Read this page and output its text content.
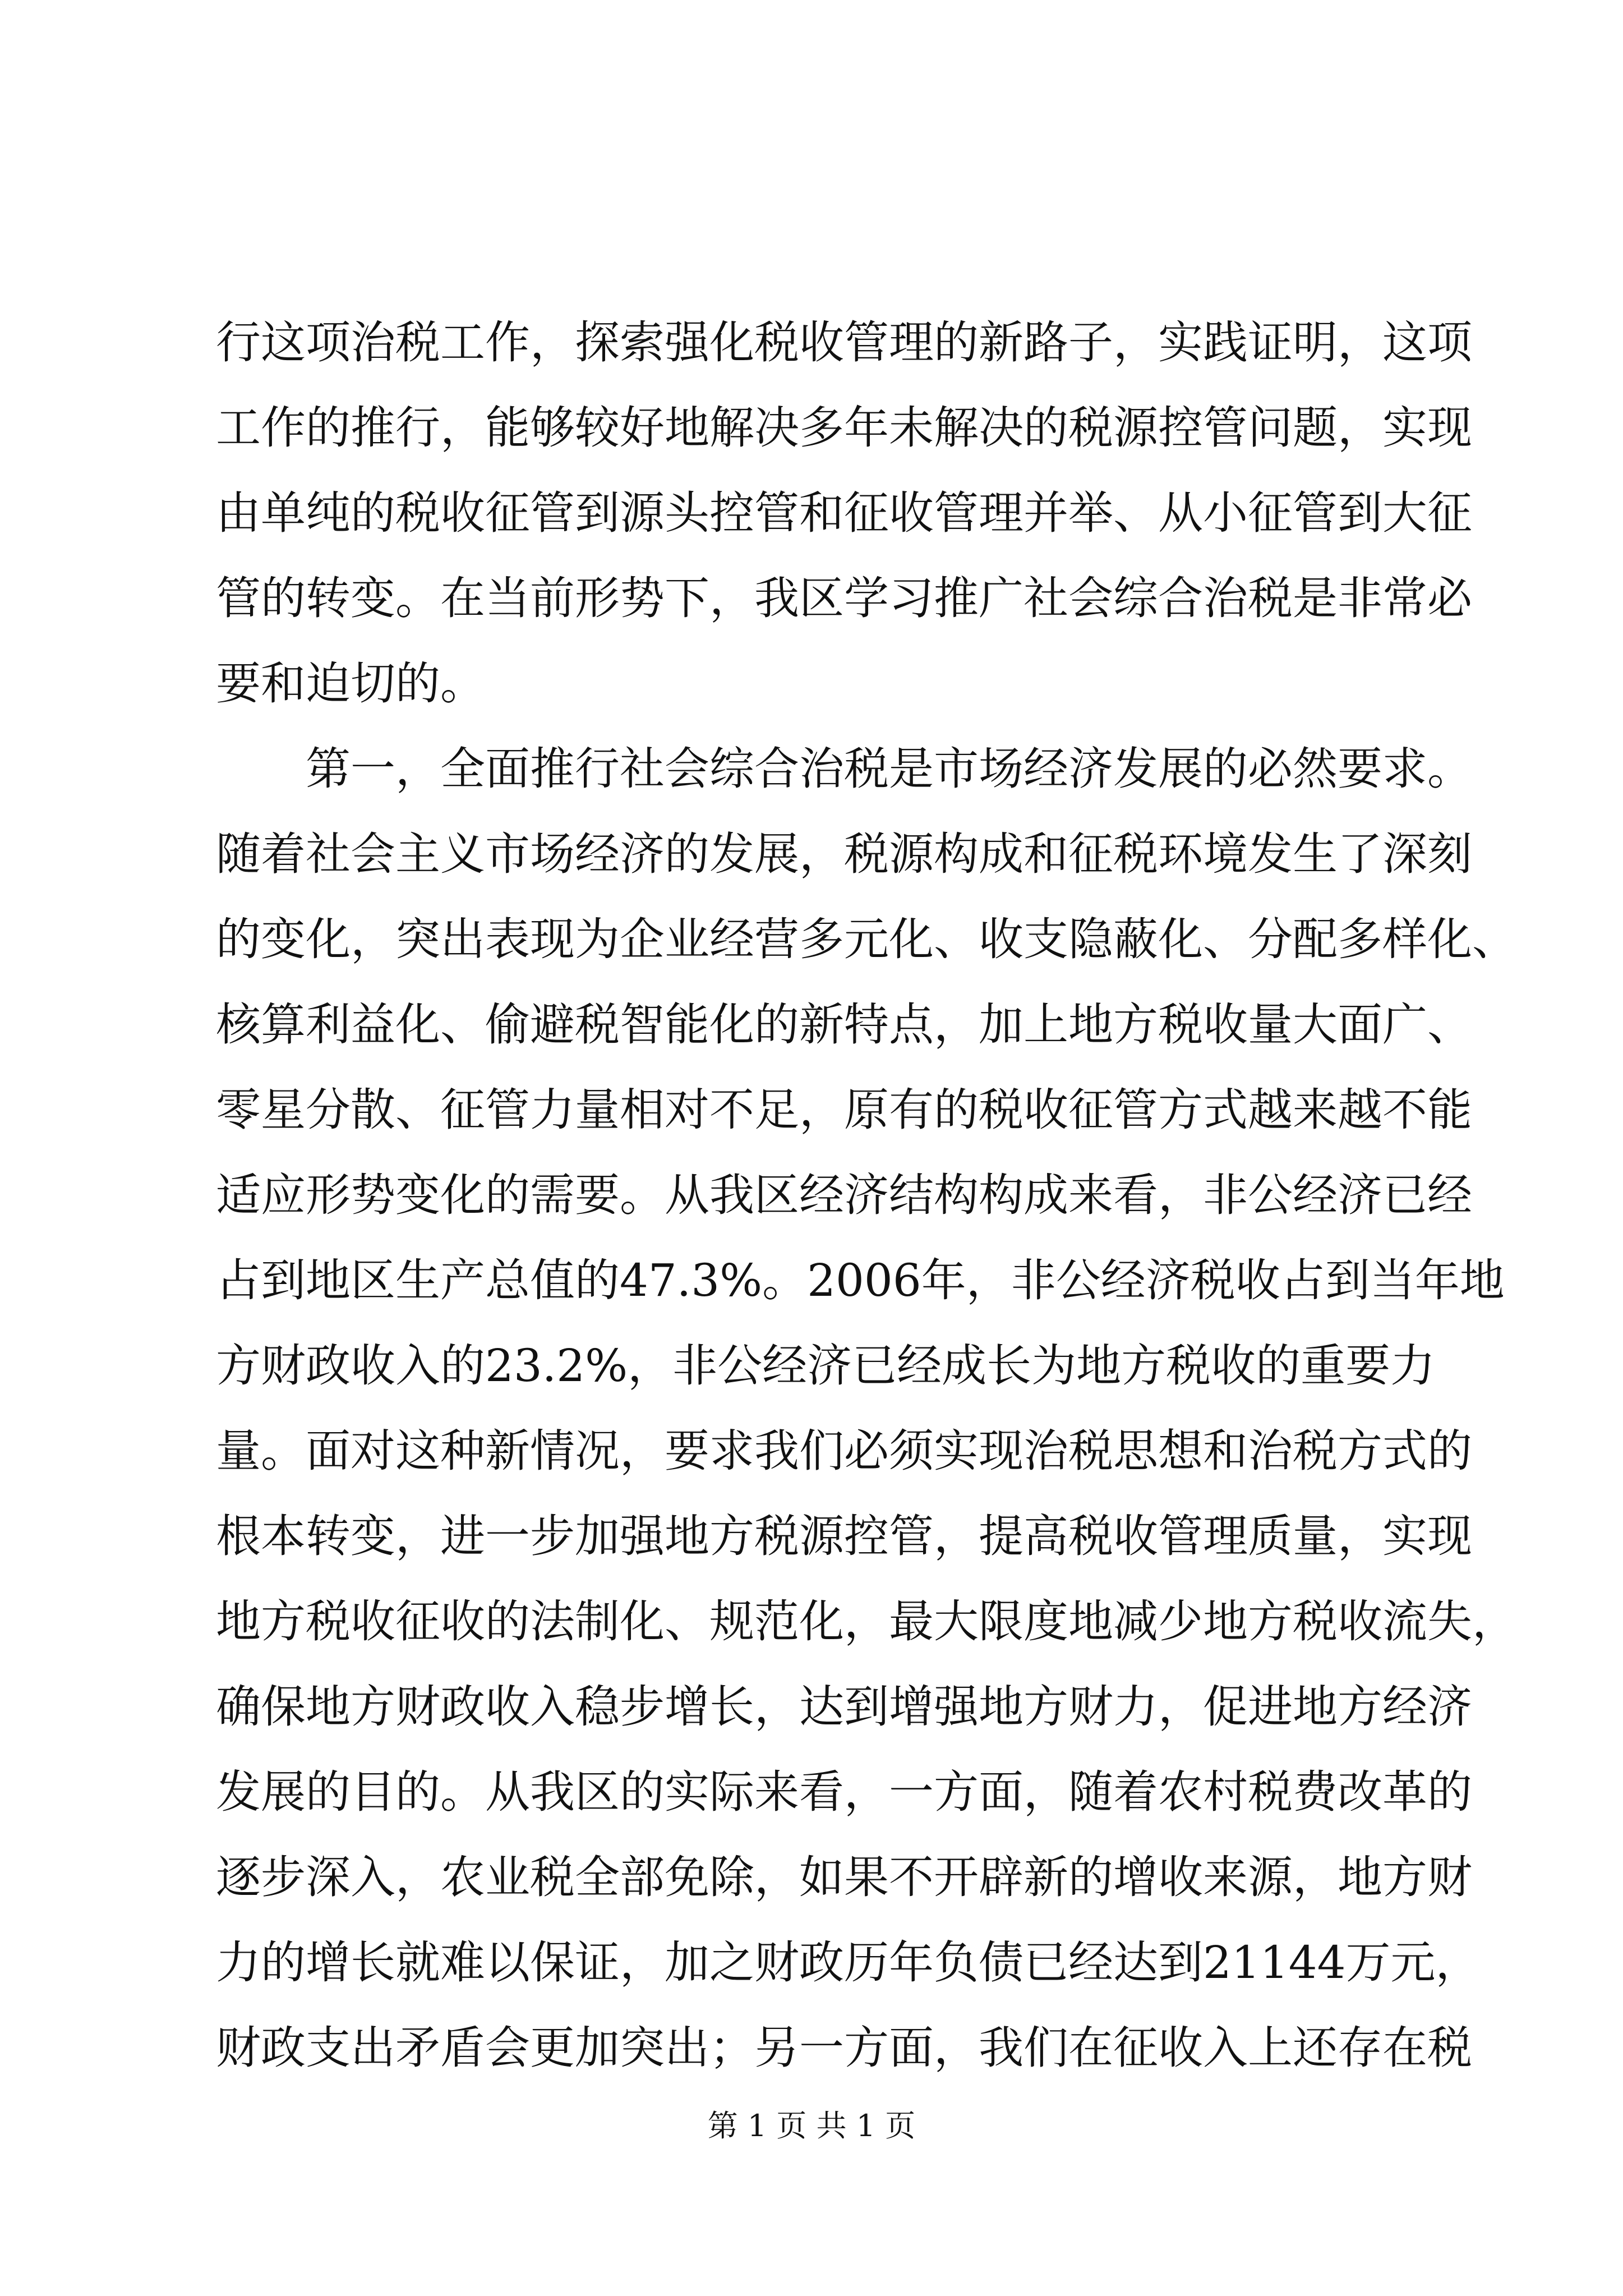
行这项治税工作，探索强化税收管理的新路子，实践证明，这项
工作的推行，能够较好地解决多年未解决的税源控管问题，实现
由单纯的税收征管到源头控管和征收管理并举、从小征管到大征
管的转变。在当前形势下，我区学习推广社会综合治税是非常必
要和迫切的。
第一，全面推行社会综合治税是市场经济发展的必然要求。
随着社会主义市场经济的发展，税源构成和征税环境发生了深刻
的变化，突出表现为企业经营多元化、收支隐蔽化、分配多样化、
核算利益化、偷避税智能化的新特点，加上地方税收量大面广、
零星分散、征管力量相对不足，原有的税收征管方式越来越不能
适应形势变化的需要。从我区经济结构构成来看，非公经济已经
占到地区生产总值的47.3%。2006年，非公经济税收占到当年地
方财政收入的23.2%，非公经济已经成长为地方税收的重要力
量。面对这种新情况，要求我们必须实现治税思想和治税方式的
根本转变，进一步加强地方税源控管，提高税收管理质量，实现
地方税收征收的法制化、规范化，最大限度地减少地方税收流失，
确保地方财政收入稳步增长，达到增强地方财力，促进地方经济
发展的目的。从我区的实际来看，一方面，随着农村税费改革的
逐步深入，农业税全部免除，如果不开辟新的增收来源，地方财
力的增长就难以保证，加之财政历年负债已经达到21144万元，
财政支出矛盾会更加突出；另一方面，我们在征收入上还存在税
第 1 页 共 1 页
